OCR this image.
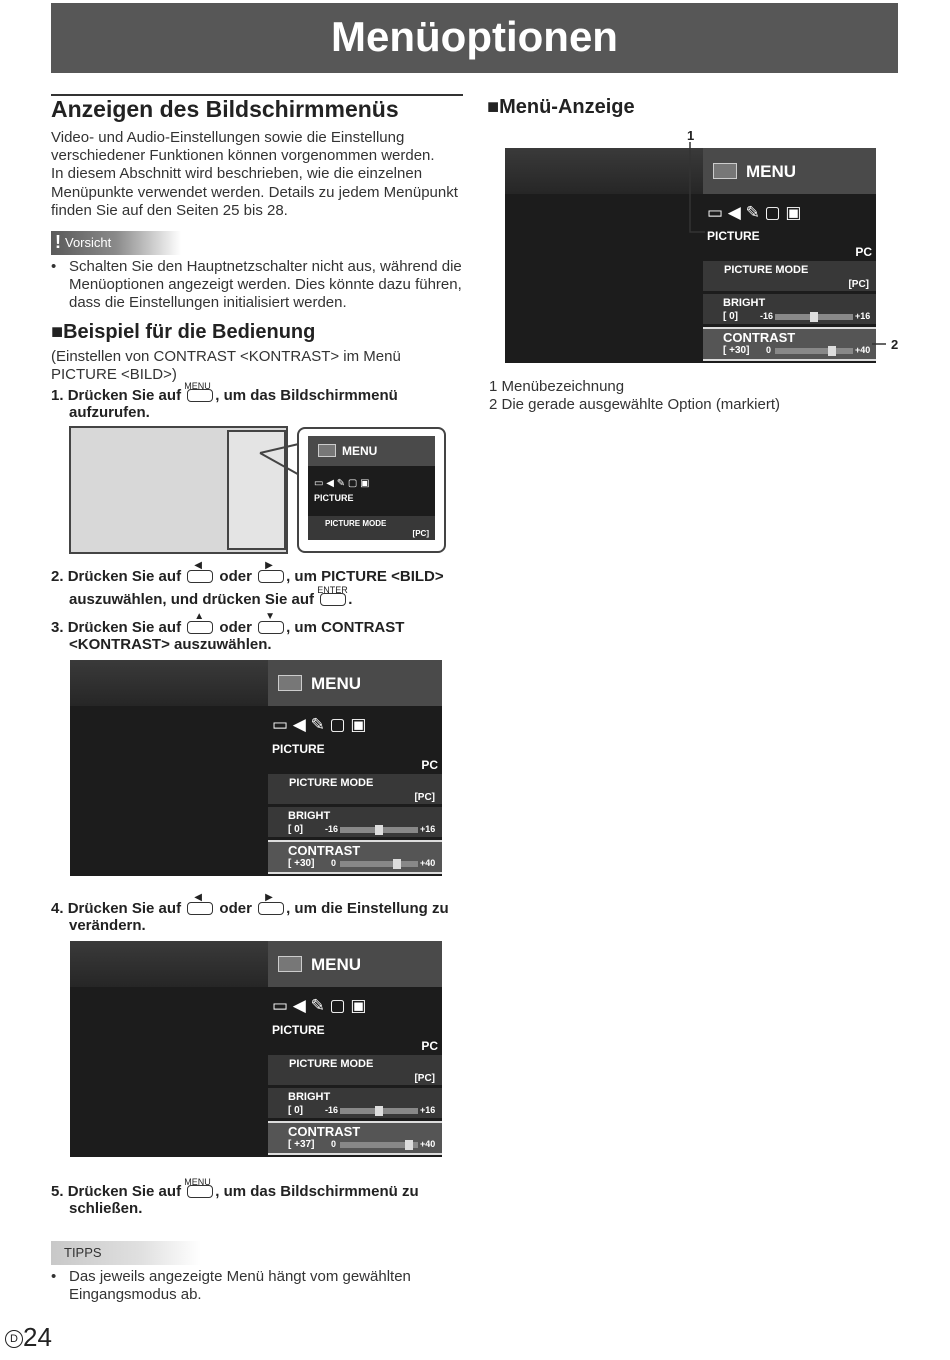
Menüoptionen
Anzeigen des Bildschirmmenüs

Video- und Audio-Einstellungen sowie die Einstellung

verschiedener Funktionen können vorgenommen werden.

In diesem Abschnitt wird beschrieben, wie die einzelnen

Menüpunkte verwendet werden. Details zu jedem Menüpunkt

finden Sie auf den Seiten 25 bis 28.

! Vorsicht
• Schalten Sie den Hauptnetzschalter nicht aus, während die
Menüoptionen angezeigt werden. Dies könnte dazu führen,
dass die Einstellungen initialisiert werden.
■Beispiel für die Bedienung

(Einstellen von CONTRAST <KONTRAST> im Menü

PICTURE <BILD>)

1. Drücken Sie auf
MENU
, um das Bildschirmmenü
aufzurufen.
MENU
▭ ◀ ✎ ▢ ▣
PICTURE
PICTURE MODE
[PC]
2. Drücken Sie auf
◀
oder
▶
, um PICTURE <BILD>
auszuwählen, und drücken Sie auf
ENTER
.
3. Drücken Sie auf
▲
oder
▼
, um CONTRAST
<KONTRAST> auszuwählen.
MENU
▭ ◀ ✎ ▢ ▣
PICTURE
PC
PICTURE MODE
[PC]
BRIGHT
[ 0] -16	+16
CONTRAST
[ +30] 0	+40
4. Drücken Sie auf
◀
oder
▶
, um die Einstellung zu
verändern.
MENU
▭ ◀ ✎ ▢ ▣
PICTURE
PC
PICTURE MODE
[PC]
BRIGHT
[ 0] -16	+16
CONTRAST
[ +37] 0	+40
5. Drücken Sie auf
MENU
, um das Bildschirmmenü zu
schließen.
TIPPS
• Das jeweils angezeigte Menü hängt vom gewählten
Eingangsmodus ab.
■Menü-Anzeige
1
2
MENU
▭ ◀ ✎ ▢ ▣
PICTURE
PC
PICTURE MODE
[PC]
BRIGHT
[ 0] -16	+16
CONTRAST
[ +30] 0	+40

1 Menübezeichnung

2 Die gerade ausgewählte Option (markiert)

D 24
